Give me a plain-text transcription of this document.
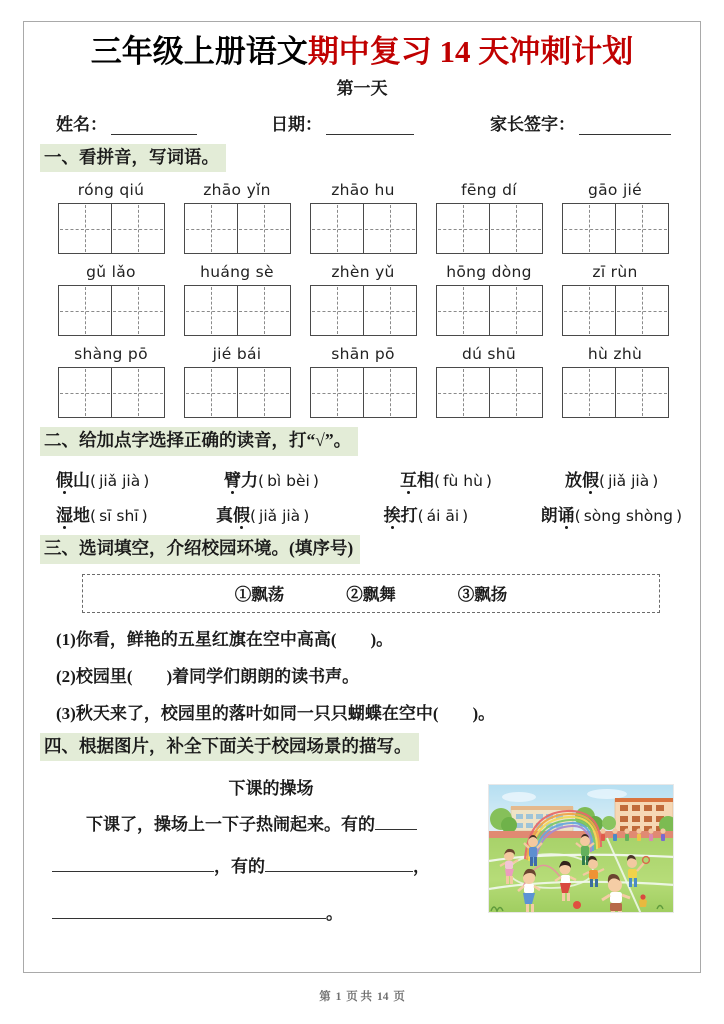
三年级上册语文期中复习 14 天冲刺计划
第一天
姓名：	日期：	家长签字：
一、看拼音，写词语。
róng qiú	zhāo yǐn	zhāo hu	fēng dí	gāo jié
gǔ lǎo	huáng sè	zhèn yǔ	hōng dòng	zī rùn
shàng pō	jié bái	shān pō	dú shū	hù zhù
二、给加点字选择正确的读音，打“√”。
假山( jiǎ jià )	臂力( bì bèi )	互相( fù hù )	放假( jiǎ jià )
湿地( sī shī )	真假( jiǎ jià )	挨打( ái āi )	朗诵( sòng shòng )
三、选词填空，介绍校园环境。(填序号)
①飘荡	②飘舞	③飘扬
(1)你看，鲜艳的五星红旗在空中高高(　　)。
(2)校园里(　　)着同学们朗朗的读书声。
(3)秋天来了，校园里的落叶如同一只只蝴蝶在空中(　　)。
四、根据图片，补全下面关于校园场景的描写。
下课的操场
下课了，操场上一下子热闹起来。有的
，有的	，
。
第 1 页 共 14 页
